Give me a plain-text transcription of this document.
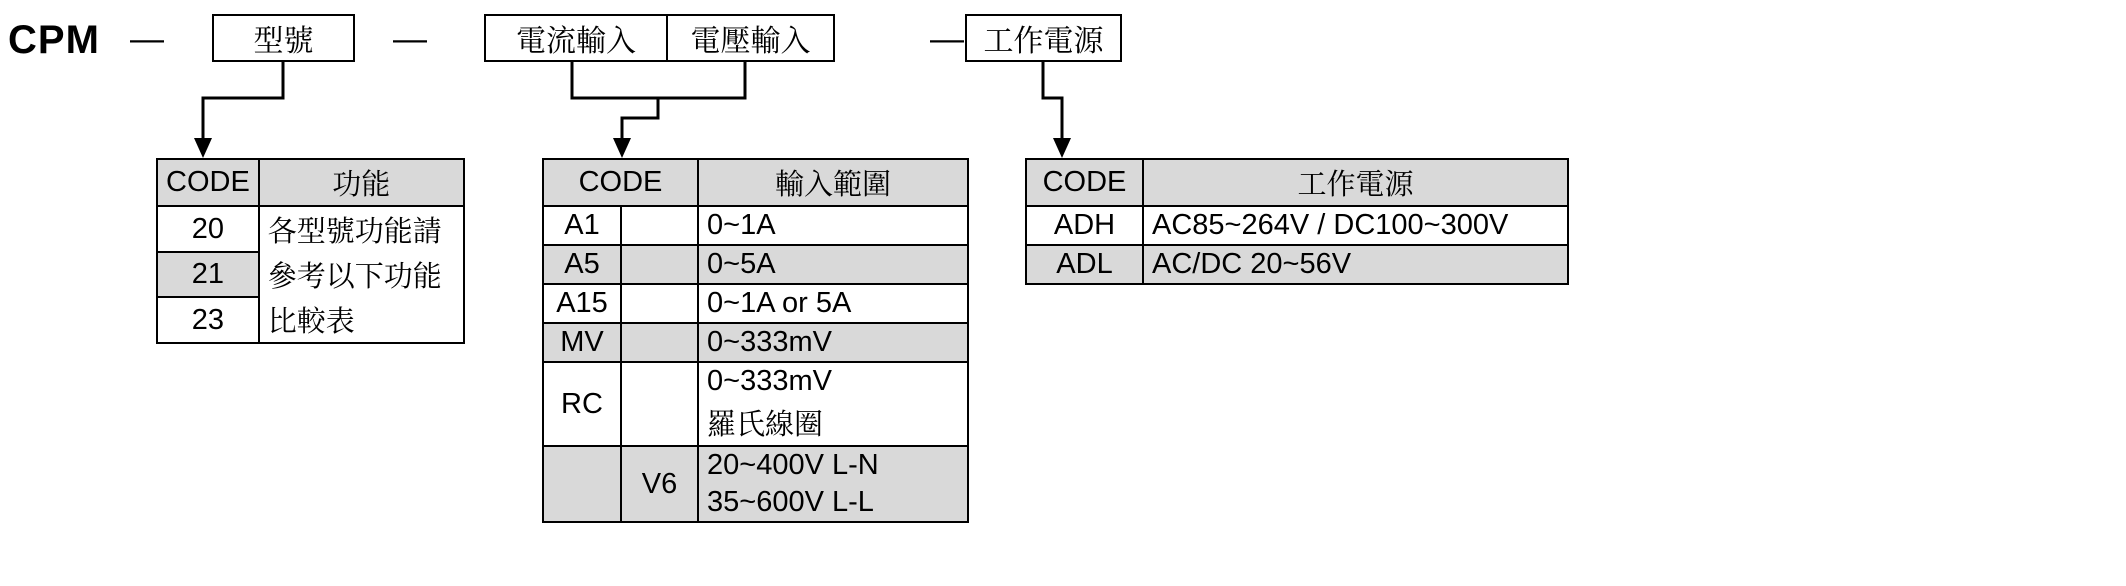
CPM —	型號 —	電流輸入 電壓輸入	— 工作電源
CODE	功能
20	各型號功能請
21	參考以下功能
23	比較表
CODE		輸入範圍
A1		0~1A
A5		0~5A
A15		0~1A or 5A
MV		0~333mV
RC		0~333mV
		羅氏線圈
	V6	20~400V L-N
		35~600V L-L
CODE	工作電源
ADH	AC85~264V / DC100~300V
ADL	AC/DC 20~56V
